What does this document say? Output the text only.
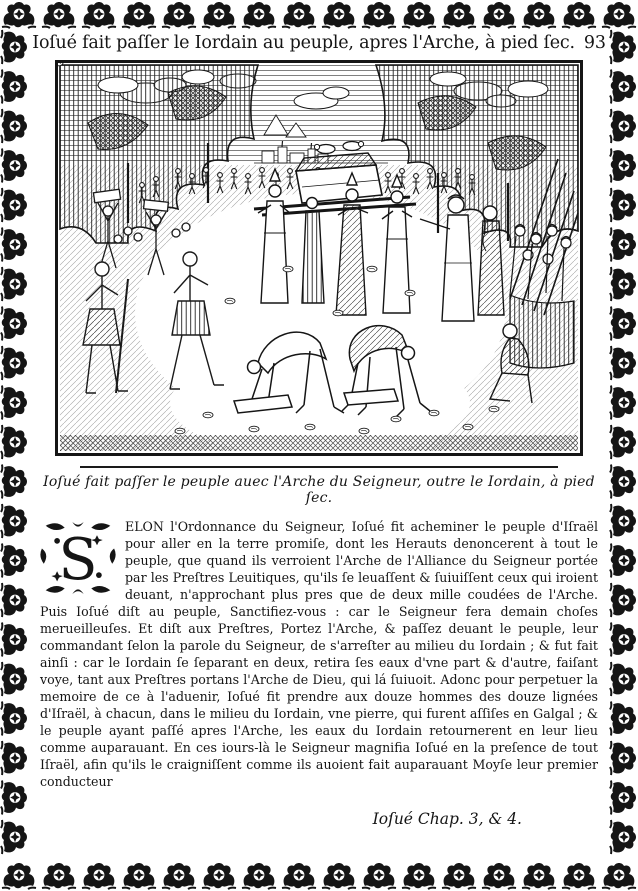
Ioſué fait paſſer le Iordain au peuple, apres l'Arche, à pied ſec. 93
Ioſué fait paſſer le peuple auec l'Arche du Seigneur, outre le Iordain, à pied ſec.

S
ELON l'Ordonnance du Seigneur, Ioſué fit acheminer le peuple d'Iſraël pour aller en la terre promiſe, dont les Herauts denoncerent à tout le peuple, que quand ils verroient l'Arche de l'Alliance du Seigneur portée par les Preſtres Leuitiques, qu'ils ſe leuaſſent & ſuiuiſſent ceux qui iroient deuant, n'approchant plus pres que de deux mille coudées de l'Arche. Puis Ioſué diſt au peuple, Sanctifiez-vous : car le Seigneur fera demain choſes merueilleuſes. Et diſt aux Preſtres, Portez l'Arche, & paſſez deuant le peuple, leur commandant ſelon la parole du Seigneur, de s'arreſter au milieu du Iordain ; & fut fait ainſi : car le Iordain ſe ſeparant en deux, retira ſes eaux d'vne part & d'autre, faiſant voye, tant aux Preſtres portans l'Arche de Dieu, qui lá ſuiuoit. Adonc pour perpetuer la memoire de ce à l'aduenir, Ioſué fit prendre aux douze hommes des douze lignées d'Iſraël, à chacun, dans le milieu du Iordain, vne pierre, qui furent aſſiſes en Galgal ; & le peuple ayant paſſé apres l'Arche, les eaux du Iordain retournerent en leur lieu comme auparauant. En ces iours-là le Seigneur magnifia Ioſué en la preſence de tout Iſraël, afin qu'ils le craigniſſent comme ils auoient fait auparauant Moyſe leur premier conducteur

Ioſué Chap. 3, & 4.
